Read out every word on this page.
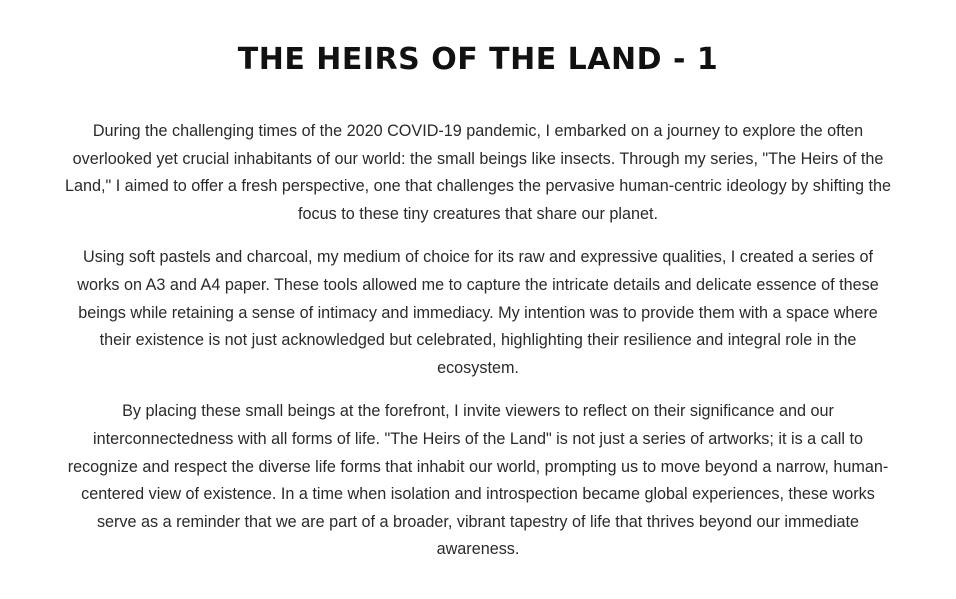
THE HEIRS OF THE LAND - 1

During the challenging times of the 2020 COVID-19 pandemic, I embarked on a journey to explore the often overlooked yet crucial inhabitants of our world: the small beings like insects. Through my series, "The Heirs of the Land," I aimed to offer a fresh perspective, one that challenges the pervasive human-centric ideology by shifting the focus to these tiny creatures that share our planet.

Using soft pastels and charcoal, my medium of choice for its raw and expressive qualities, I created a series of works on A3 and A4 paper. These tools allowed me to capture the intricate details and delicate essence of these beings while retaining a sense of intimacy and immediacy. My intention was to provide them with a space where their existence is not just acknowledged but celebrated, highlighting their resilience and integral role in the ecosystem.

By placing these small beings at the forefront, I invite viewers to reflect on their significance and our interconnectedness with all forms of life. "The Heirs of the Land" is not just a series of artworks; it is a call to recognize and respect the diverse life forms that inhabit our world, prompting us to move beyond a narrow, human-centered view of existence. In a time when isolation and introspection became global experiences, these works serve as a reminder that we are part of a broader, vibrant tapestry of life that thrives beyond our immediate awareness.
